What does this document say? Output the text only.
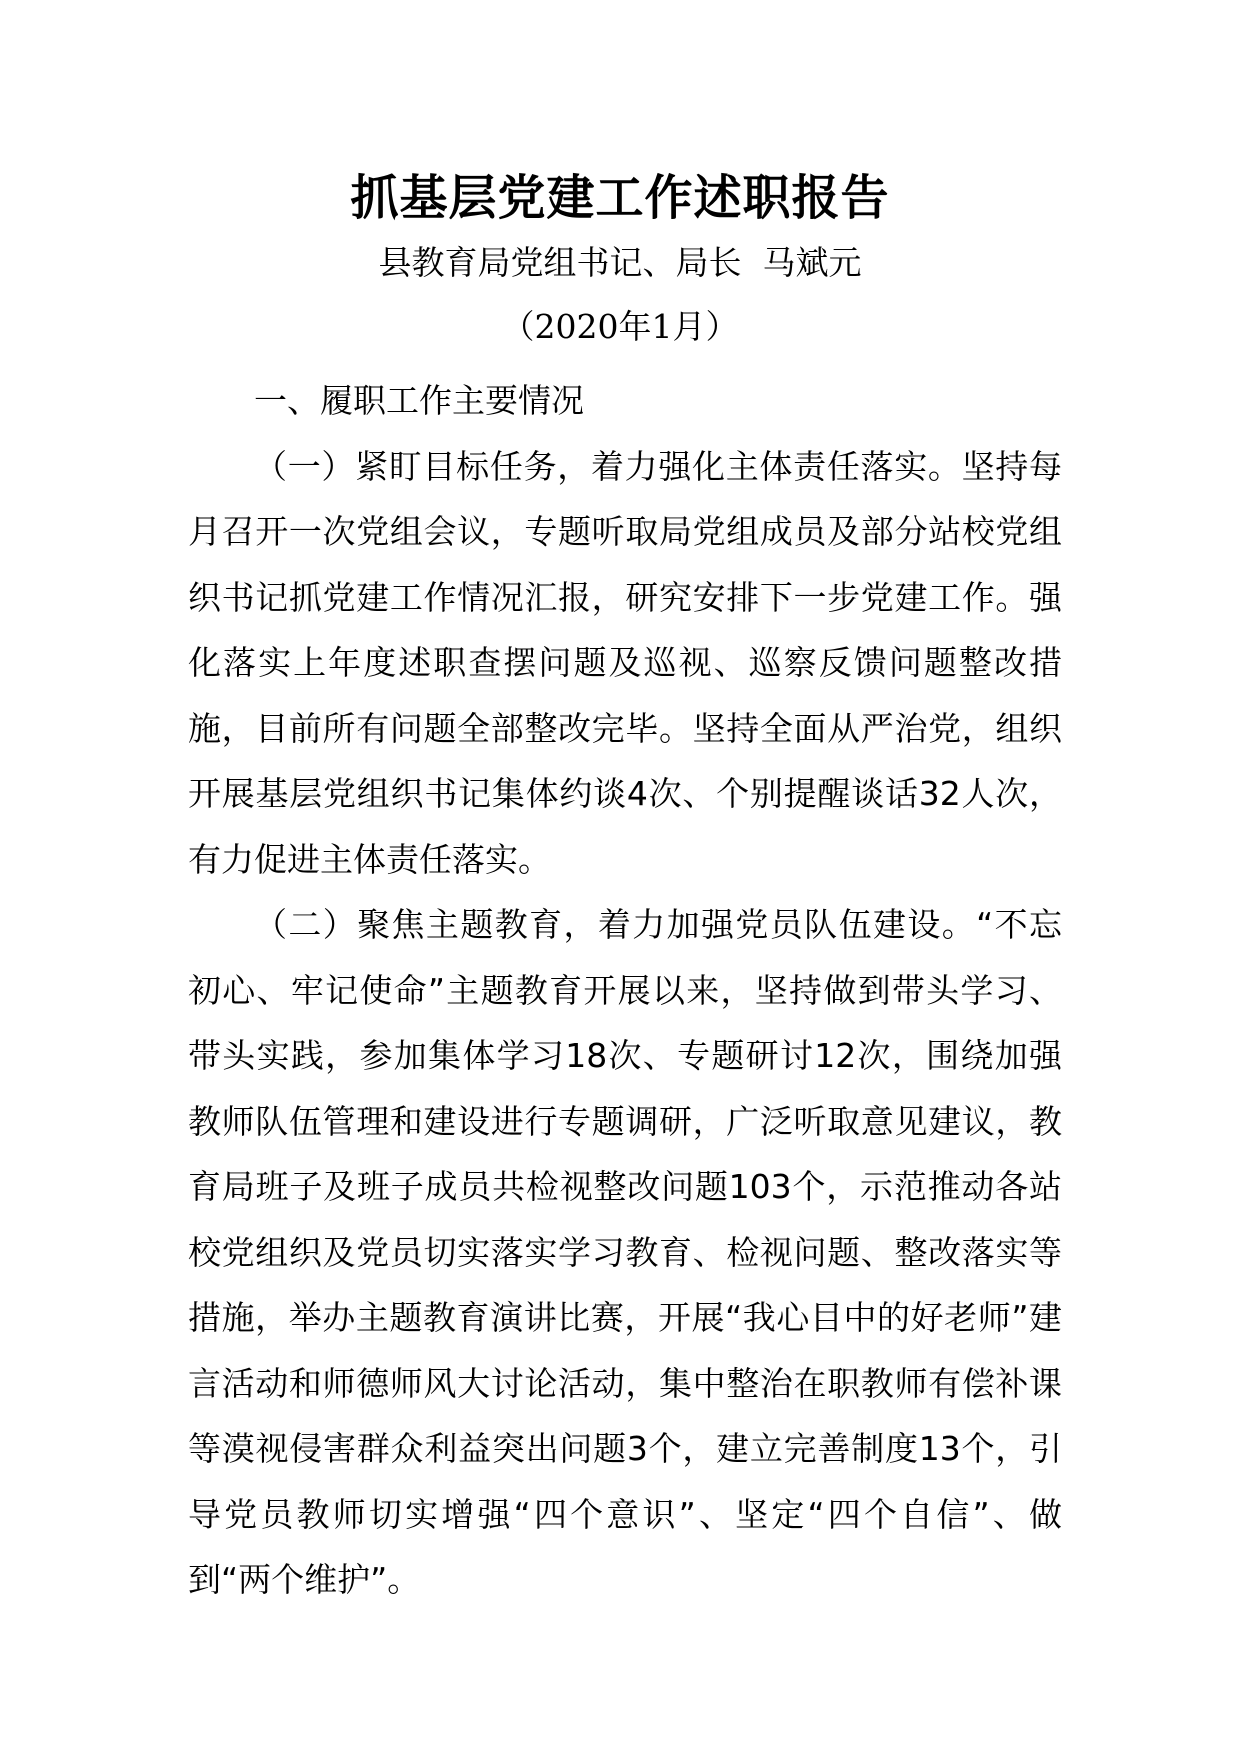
抓基层党建工作述职报告
县教育局党组书记、局长  马斌元
（2020年1月）

一、履职工作主要情况

（一）紧盯目标任务，着力强化主体责任落实。坚持每月召开一次党组会议，专题听取局党组成员及部分站校党组织书记抓党建工作情况汇报，研究安排下一步党建工作。强化落实上年度述职查摆问题及巡视、巡察反馈问题整改措施，目前所有问题全部整改完毕。坚持全面从严治党，组织开展基层党组织书记集体约谈4次、个别提醒谈话32人次，有力促进主体责任落实。

（二）聚焦主题教育，着力加强党员队伍建设。“不忘初心、牢记使命”主题教育开展以来，坚持做到带头学习、带头实践，参加集体学习18次、专题研讨12次，围绕加强教师队伍管理和建设进行专题调研，广泛听取意见建议，教育局班子及班子成员共检视整改问题103个，示范推动各站校党组织及党员切实落实学习教育、检视问题、整改落实等措施，举办主题教育演讲比赛，开展“我心目中的好老师”建言活动和师德师风大讨论活动，集中整治在职教师有偿补课等漠视侵害群众利益突出问题3个，建立完善制度13个，引导党员教师切实增强“四个意识”、坚定“四个自信”、做到“两个维护”。
